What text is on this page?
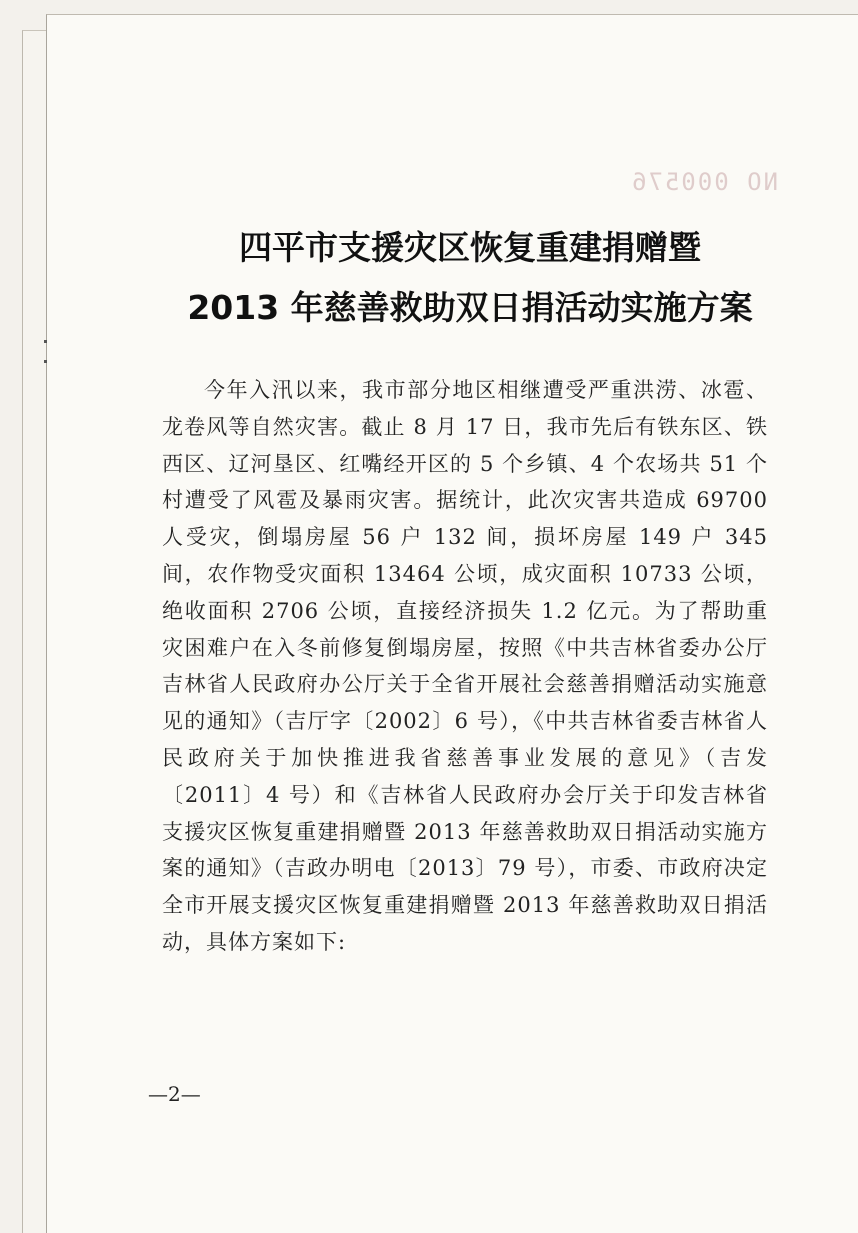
NO 000576
四平市支援灾区恢复重建捐赠暨
2013 年慈善救助双日捐活动实施方案

今年入汛以来，我市部分地区相继遭受严重洪涝、冰雹、龙卷风等自然灾害。截止 8 月 17 日，我市先后有铁东区、铁西区、辽河垦区、红嘴经开区的 5 个乡镇、4 个农场共 51 个村遭受了风雹及暴雨灾害。据统计，此次灾害共造成 69700 人受灾，倒塌房屋 56 户 132 间，损坏房屋 149 户 345 间，农作物受灾面积 13464 公顷，成灾面积 10733 公顷，绝收面积 2706 公顷，直接经济损失 1.2 亿元。为了帮助重灾困难户在入冬前修复倒塌房屋，按照《中共吉林省委办公厅吉林省人民政府办公厅关于全省开展社会慈善捐赠活动实施意见的通知》（吉厅字〔2002〕6 号），《中共吉林省委吉林省人民政府关于加快推进我省慈善事业发展的意见》（吉发〔2011〕4 号）和《吉林省人民政府办会厅关于印发吉林省支援灾区恢复重建捐赠暨 2013 年慈善救助双日捐活动实施方案的通知》（吉政办明电〔2013〕79 号），市委、市政府决定全市开展支援灾区恢复重建捐赠暨 2013 年慈善救助双日捐活动，具体方案如下:

—2—
